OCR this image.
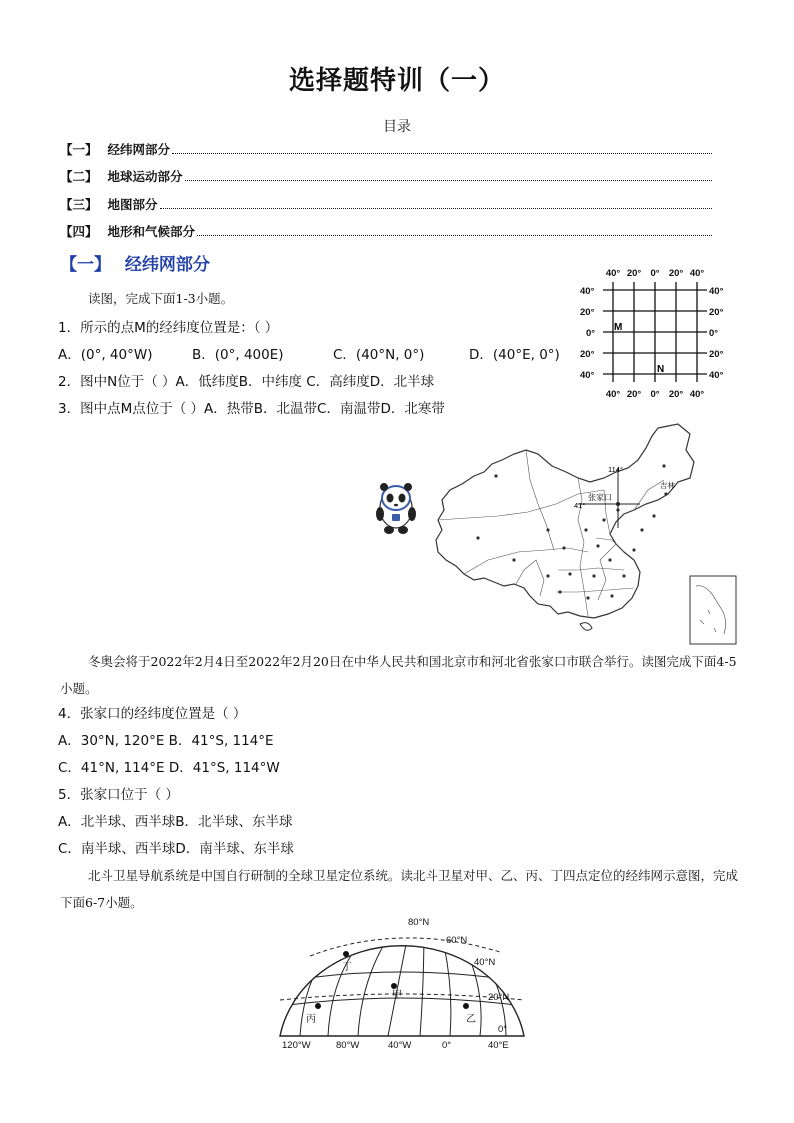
选择题特训（一）
目录
【一】 经纬网部分
【二】 地球运动部分
【三】 地图部分
【四】 地形和气候部分
【一】 经纬网部分
读图，完成下面1-3小题。
1．所示的点M的经纬度位置是：（ ）
A．(0°, 40°W)	B．(0°, 400E)	C．(40°N, 0°)	D．(40°E, 0°)
2．图中N位于（ ）A．低纬度B．中纬度 C．高纬度D．北半球
3．图中点M点位于（ ）A．热带B．北温带C．南温带D．北寒带
40° 20° 0° 20° 40°
40° 20° 0° 20° 40°
40°
20°
0°
20°
40°
40°
20°
0°
20°
40°
M
N
114°
41°
张家口
吉林
冬奥会将于2022年2月4日至2022年2月20日在中华人民共和国北京市和河北省张家口市联合举行。读图完成下面4-5小题。
4．张家口的经纬度位置是（ ）
A．30°N, 120°E B．41°S, 114°E
C．41°N, 114°E D．41°S, 114°W
5．张家口位于（ ）
A．北半球、西半球B．北半球、东半球
C．南半球、西半球D．南半球、东半球
北斗卫星导航系统是中国自行研制的全球卫星定位系统。读北斗卫星对甲、乙、丙、丁四点定位的经纬网示意图，完成下面6-7小题。
80°N
60°N
40°N
20°N
0°
120°W	80°W	40°W	0°	40°E
甲
乙
丙
丁
